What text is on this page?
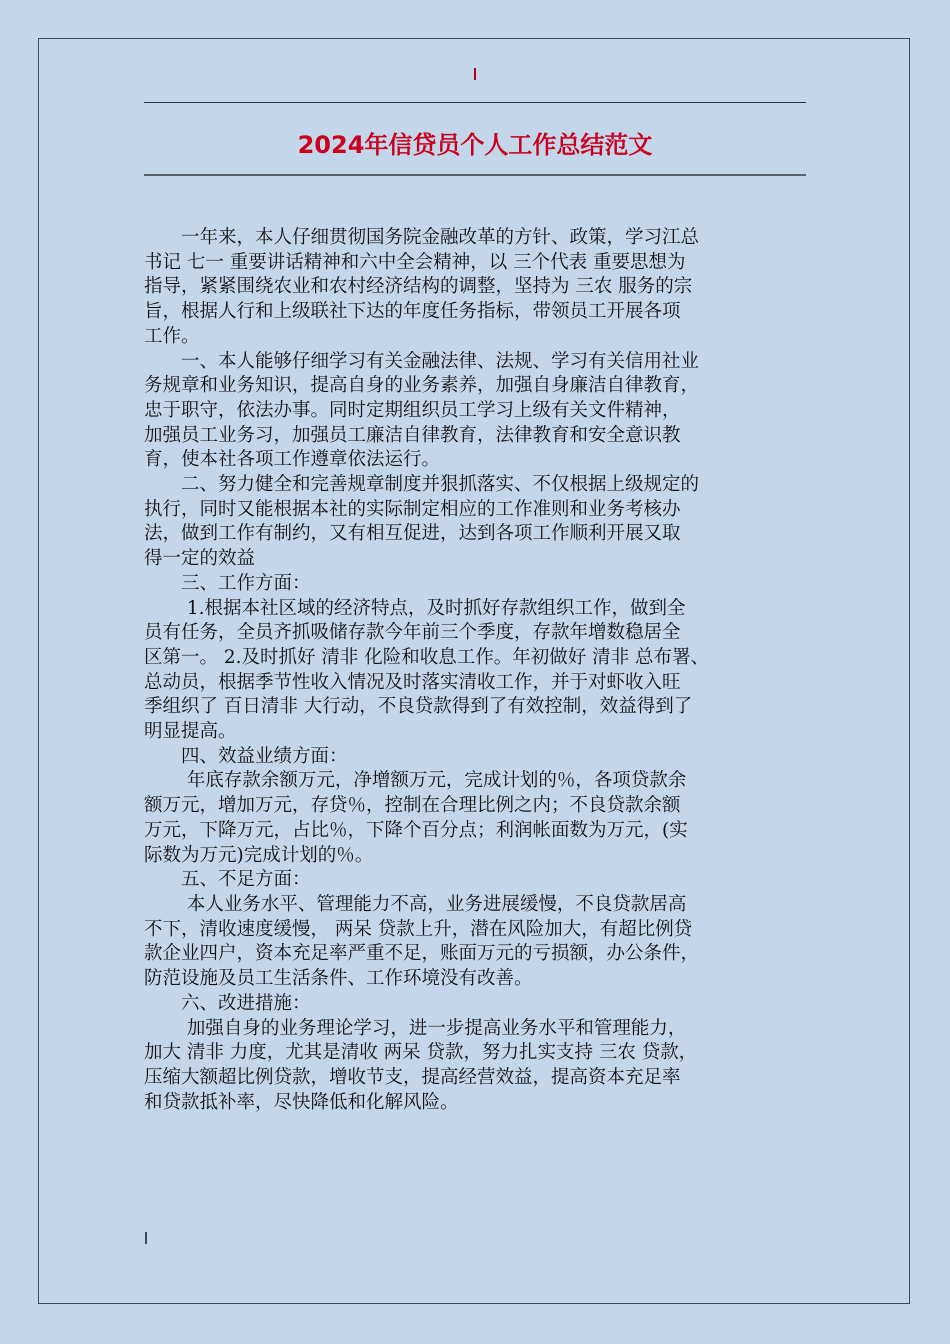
2024年信贷员个人工作总结范文

　　一年来，本人仔细贯彻国务院金融改革的方针、政策，学习江总

书记 七一 重要讲话精神和六中全会精神，以 三个代表 重要思想为

指导，紧紧围绕农业和农村经济结构的调整，坚持为 三农 服务的宗

旨，根据人行和上级联社下达的年度任务指标，带领员工开展各项

工作。

　　一、本人能够仔细学习有关金融法律、法规、学习有关信用社业

务规章和业务知识，提高自身的业务素养，加强自身廉洁自律教育，

忠于职守，依法办事。同时定期组织员工学习上级有关文件精神，

加强员工业务习，加强员工廉洁自律教育，法律教育和安全意识教

育，使本社各项工作遵章依法运行。

　　二、努力健全和完善规章制度并狠抓落实、不仅根据上级规定的

执行，同时又能根据本社的实际制定相应的工作准则和业务考核办

法，做到工作有制约，又有相互促进，达到各项工作顺利开展又取

得一定的效益

　　三、工作方面：

　　 1.根据本社区域的经济特点，及时抓好存款组织工作，做到全

员有任务，全员齐抓吸储存款今年前三个季度，存款年增数稳居全

区第一。 2.及时抓好 清非 化险和收息工作。年初做好 清非 总布署、

总动员，根据季节性收入情况及时落实清收工作，并于对虾收入旺

季组织了 百日清非 大行动，不良贷款得到了有效控制，效益得到了

明显提高。

　　四、效益业绩方面：

　　 年底存款余额万元，净增额万元，完成计划的％，各项贷款余

额万元，增加万元，存贷％，控制在合理比例之内；不良贷款余额

万元，下降万元，占比％，下降个百分点；利润帐面数为万元，(实

际数为万元)完成计划的％。

　　五、不足方面：

　　 本人业务水平、管理能力不高，业务进展缓慢，不良贷款居高

不下，清收速度缓慢， 两呆 贷款上升，潜在风险加大，有超比例贷

款企业四户，资本充足率严重不足，账面万元的亏损额，办公条件，

防范设施及员工生活条件、工作环境没有改善。

　　六、改进措施：

　　 加强自身的业务理论学习，进一步提高业务水平和管理能力，

加大 清非 力度，尤其是清收 两呆 贷款，努力扎实支持 三农 贷款，

压缩大额超比例贷款，增收节支，提高经营效益，提高资本充足率

和贷款抵补率，尽快降低和化解风险。
